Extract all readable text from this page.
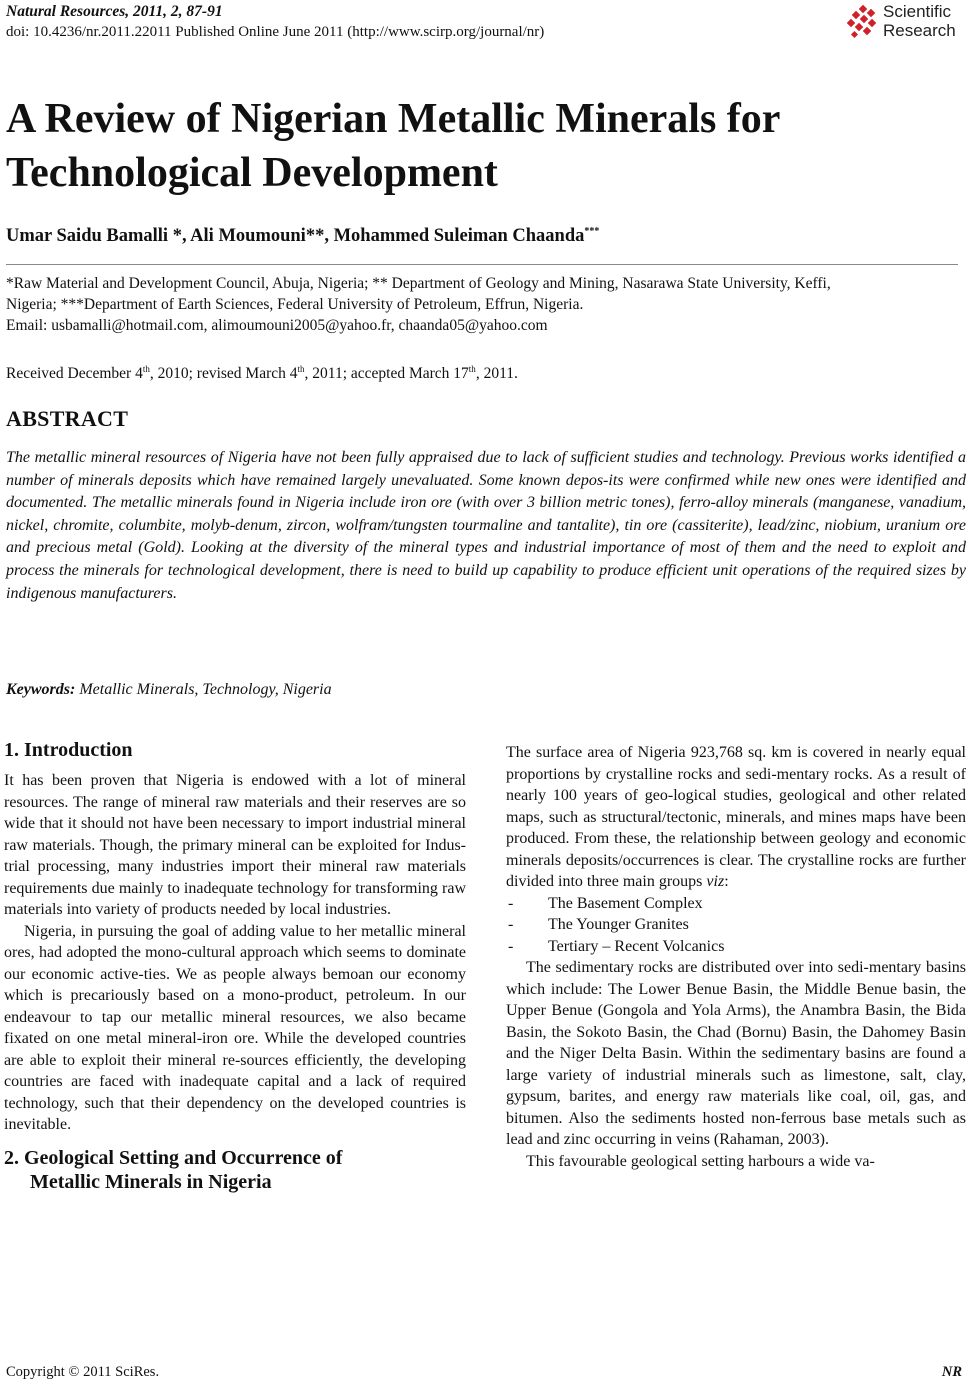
Natural Resources, 2011, 2, 87-91
doi: 10.4236/nr.2011.22011 Published Online June 2011 (http://www.scirp.org/journal/nr)
Scientific
Research
A Review of Nigerian Metallic Minerals for
Technological Development
Umar Saidu Bamalli *, Ali Moumouni**, Mohammed Suleiman Chaanda***
*Raw Material and Development Council, Abuja, Nigeria; ** Department of Geology and Mining, Nasarawa State University, Keffi,
Nigeria; ***Department of Earth Sciences, Federal University of Petroleum, Effrun, Nigeria.
Email: usbamalli@hotmail.com, alimoumouni2005@yahoo.fr, chaanda05@yahoo.com
Received December 4th, 2010; revised March 4th, 2011; accepted March 17th, 2011.
ABSTRACT
The metallic mineral resources of Nigeria have not been fully appraised due to lack of sufficient studies and technology. Previous works identified a number of minerals deposits which have remained largely unevaluated. Some known depos-its were confirmed while new ones were identified and documented. The metallic minerals found in Nigeria include iron ore (with over 3 billion metric tones), ferro-alloy minerals (manganese, vanadium, nickel, chromite, columbite, molyb-denum, zircon, wolfram/tungsten tourmaline and tantalite), tin ore (cassiterite), lead/zinc, niobium, uranium ore and precious metal (Gold). Looking at the diversity of the mineral types and industrial importance of most of them and the need to exploit and process the minerals for technological development, there is need to build up capability to produce efficient unit operations of the required sizes by indigenous manufacturers.
Keywords: Metallic Minerals, Technology, Nigeria
1. Introduction

It has been proven that Nigeria is endowed with a lot of mineral resources. The range of mineral raw materials and their reserves are so wide that it should not have been necessary to import industrial mineral raw materials. Though, the primary mineral can be exploited for Indus-trial processing, many industries import their mineral raw materials requirements due mainly to inadequate technology for transforming raw materials into variety of products needed by local industries.

Nigeria, in pursuing the goal of adding value to her metallic mineral ores, had adopted the mono-cultural approach which seems to dominate our economic active-ties. We as people always bemoan our economy which is precariously based on a mono-product, petroleum. In our endeavour to tap our metallic mineral resources, we also became fixated on one metal mineral-iron ore. While the developed countries are able to exploit their mineral re-sources efficiently, the developing countries are faced with inadequate capital and a lack of required technology, such that their dependency on the developed countries is inevitable.

2. Geological Setting and Occurrence of
Metallic Minerals in Nigeria

The surface area of Nigeria 923,768 sq. km is covered in nearly equal proportions by crystalline rocks and sedi-mentary rocks. As a result of nearly 100 years of geo-logical studies, geological and other related maps, such as structural/tectonic, minerals, and mines maps have been produced. From these, the relationship between geology and economic minerals deposits/occurrences is clear. The crystalline rocks are further divided into three main groups viz:

- The Basement Complex
- The Younger Granites
- Tertiary – Recent Volcanics

The sedimentary rocks are distributed over into sedi-mentary basins which include: The Lower Benue Basin, the Middle Benue basin, the Upper Benue (Gongola and Yola Arms), the Anambra Basin, the Bida Basin, the Sokoto Basin, the Chad (Bornu) Basin, the Dahomey Basin and the Niger Delta Basin. Within the sedimentary basins are found a large variety of industrial minerals such as limestone, salt, clay, gypsum, barites, and energy raw materials like coal, oil, gas, and bitumen. Also the sediments hosted non-ferrous base metals such as lead and zinc occurring in veins (Rahaman, 2003).

This favourable geological setting harbours a wide va-

Copyright © 2011 SciRes.	NR
